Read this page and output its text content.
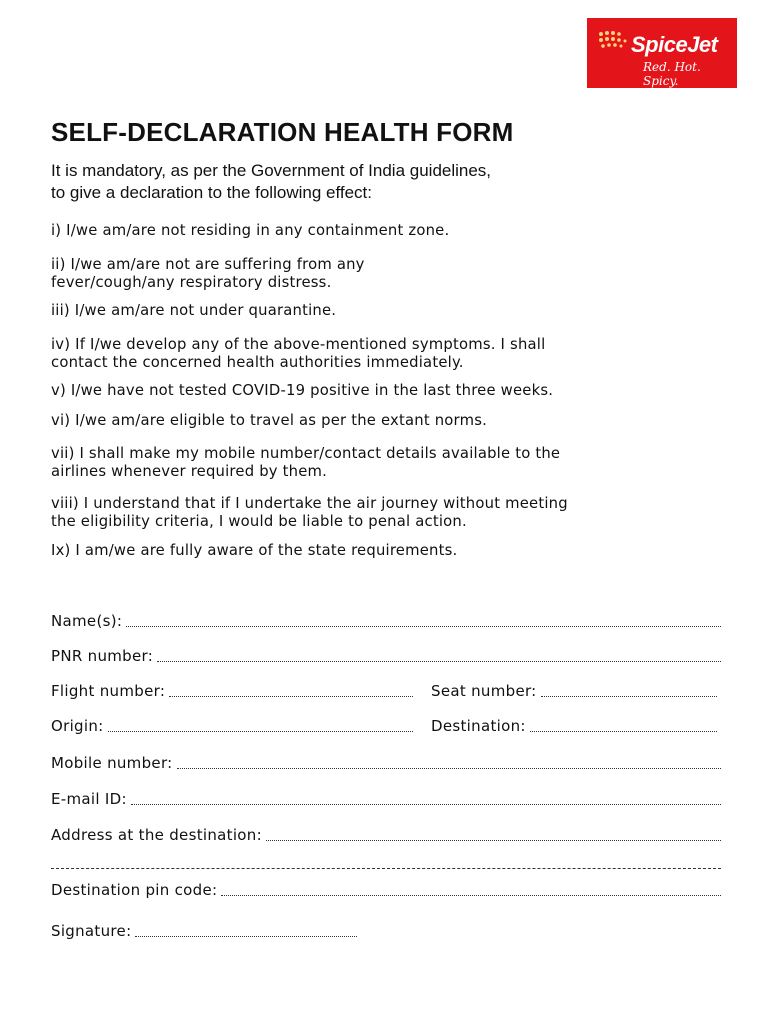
SpiceJet
Red. Hot. Spicy.
SELF-DECLARATION HEALTH FORM
It is mandatory, as per the Government of India guidelines,
to give a declaration to the following effect:
i) I/we am/are not residing in any containment zone.
ii) I/we am/are not are suffering from any
fever/cough/any respiratory distress.
iii) I/we am/are not under quarantine.
iv) If I/we develop any of the above-mentioned symptoms. I shall
contact the concerned health authorities immediately.
v) I/we have not tested COVID-19 positive in the last three weeks.
vi) I/we am/are eligible to travel as per the extant norms.
vii) I shall make my mobile number/contact details available to the
airlines whenever required by them.
viii) I understand that if I undertake the air journey without meeting
the eligibility criteria, I would be liable to penal action.
Ix) I am/we are fully aware of the state requirements.
Name(s):
PNR number:
Flight number:	Seat number:
Origin:	Destination:
Mobile number:
E-mail ID:
Address at the destination:
Destination pin code:
Signature:
